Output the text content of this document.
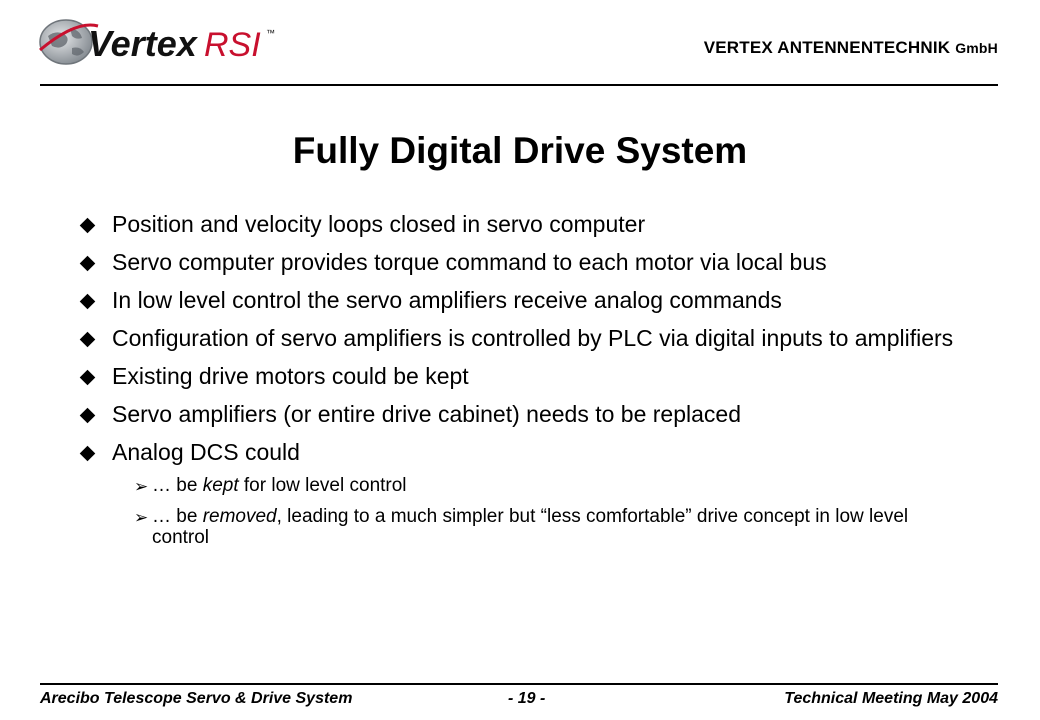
Vertex RSI ™
VERTEX ANTENNENTECHNIK GmbH
Fully Digital Drive System
Position and velocity loops closed in servo computer
Servo computer provides torque command to each motor via local bus
In low level control the servo amplifiers receive analog commands
Configuration of servo amplifiers is controlled by PLC via digital inputs to amplifiers
Existing drive motors could be kept
Servo amplifiers (or entire drive cabinet) needs to be replaced
Analog DCS could
➢ … be kept for low level control
➢ … be removed, leading to a much simpler but “less comfortable” drive concept in low level control
Arecibo Telescope Servo & Drive System	- 19 -	Technical Meeting May 2004
